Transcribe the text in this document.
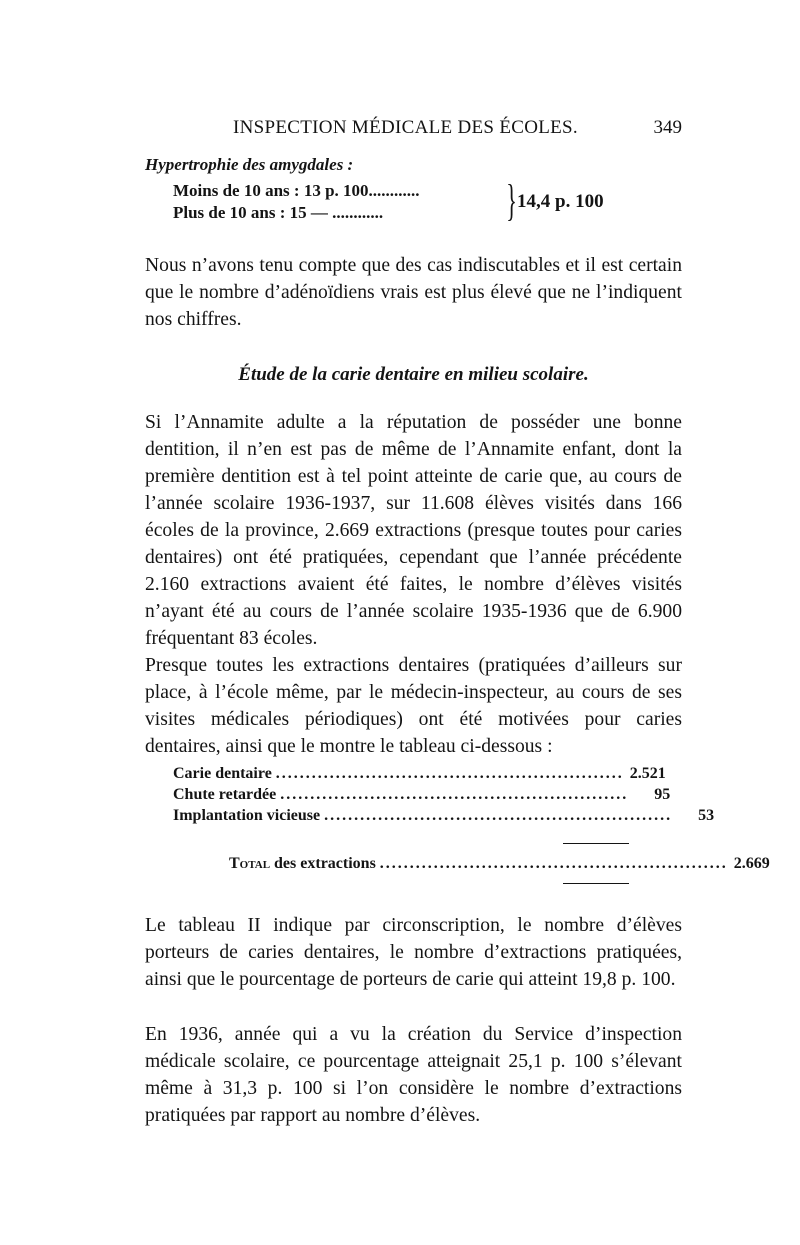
INSPECTION MÉDICALE DES ÉCOLES.	349
Hypertrophie des amygdales :
Moins de 10 ans : 13 p. 100............
Plus de 10 ans : 15 — ............	} 14,4 p. 100

Nous n’avons tenu compte que des cas indiscutables et il est certain que le nombre d’adénoïdiens vrais est plus élevé que ne l’indiquent nos chiffres.

Étude de la carie dentaire en milieu scolaire.

Si l’Annamite adulte a la réputation de posséder une bonne dentition, il n’en est pas de même de l’Annamite enfant, dont la première dentition est à tel point atteinte de carie que, au cours de l’année scolaire 1936-1937, sur 11.608 élèves visités dans 166 écoles de la province, 2.669 extractions (presque toutes pour caries dentaires) ont été pratiquées, cependant que l’année précédente 2.160 extractions avaient été faites, le nombre d’élèves visités n’ayant été au cours de l’année scolaire 1935-1936 que de 6.900 fréquentant 83 écoles.

Presque toutes les extractions dentaires (pratiquées d’ailleurs sur place, à l’école même, par le médecin-inspecteur, au cours de ses visites médicales périodiques) ont été motivées pour caries dentaires, ainsi que le montre le tableau ci-dessous :

Carie dentaire .......................................................... 2.521
Chute retardée ..........................................................	95
Implantation vicieuse ..........................................................	53
Total des extractions .......................................................... 2.669

Le tableau II indique par circonscription, le nombre d’élèves porteurs de caries dentaires, le nombre d’extractions pratiquées, ainsi que le pourcentage de porteurs de carie qui atteint 19,8 p. 100.

En 1936, année qui a vu la création du Service d’inspection médicale scolaire, ce pourcentage atteignait 25,1 p. 100 s’élevant même à 31,3 p. 100 si l’on considère le nombre d’extractions pratiquées par rapport au nombre d’élèves.
